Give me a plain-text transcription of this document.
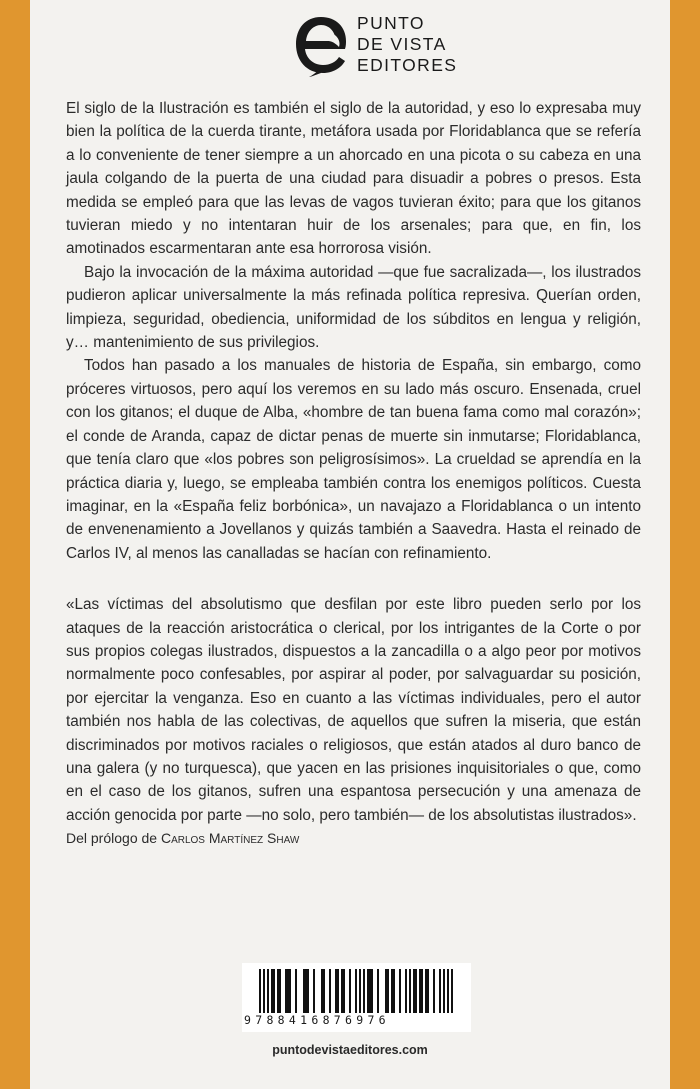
PUNTO
DE VISTA
EDITORES

El siglo de la Ilustración es también el siglo de la autoridad, y eso lo expresaba muy bien la política de la cuerda tirante, metáfora usada por Floridablanca que se refería a lo conveniente de tener siempre a un ahorcado en una picota o su cabeza en una jaula colgando de la puerta de una ciudad para disuadir a pobres o presos. Esta medida se empleó para que las levas de vagos tuvieran éxito; para que los gitanos tuvieran miedo y no intentaran huir de los arsenales; para que, en fin, los amotinados escarmentaran ante esa horrorosa visión.

Bajo la invocación de la máxima autoridad —que fue sacralizada—, los ilustrados pudieron aplicar universalmente la más refinada política represiva. Querían orden, limpieza, seguridad, obediencia, uniformidad de los súbditos en lengua y religión, y… mantenimiento de sus privilegios.

Todos han pasado a los manuales de historia de España, sin embargo, como próceres virtuosos, pero aquí los veremos en su lado más oscuro. Ensenada, cruel con los gitanos; el duque de Alba, «hombre de tan buena fama como mal corazón»; el conde de Aranda, capaz de dictar penas de muerte sin inmutarse; Floridablanca, que tenía claro que «los pobres son peligrosísimos». La crueldad se aprendía en la práctica diaria y, luego, se empleaba también contra los enemigos políticos. Cuesta imaginar, en la «España feliz borbónica», un navajazo a Floridablanca o un intento de envenenamiento a Jovellanos y quizás también a Saavedra. Hasta el reinado de Carlos IV, al menos las canalladas se hacían con refinamiento.

«Las víctimas del absolutismo que desfilan por este libro pueden serlo por los ataques de la reacción aristocrática o clerical, por los intrigantes de la Corte o por sus propios colegas ilustrados, dispuestos a la zancadilla o a algo peor por motivos normalmente poco confesables, por aspirar al poder, por salvaguardar su posición, por ejercitar la venganza. Eso en cuanto a las víctimas individuales, pero el autor también nos habla de las colectivas, de aquellos que sufren la miseria, que están discriminados por motivos raciales o religiosos, que están atados al duro banco de una galera (y no turquesca), que yacen en las prisiones inquisitoriales o que, como en el caso de los gitanos, sufren una espantosa persecución y una amenaza de acción genocida por parte —no solo, pero también— de los absolutistas ilustrados».

Del prólogo de Carlos Martínez Shaw

9788416876976
puntodevistaeditores.com
